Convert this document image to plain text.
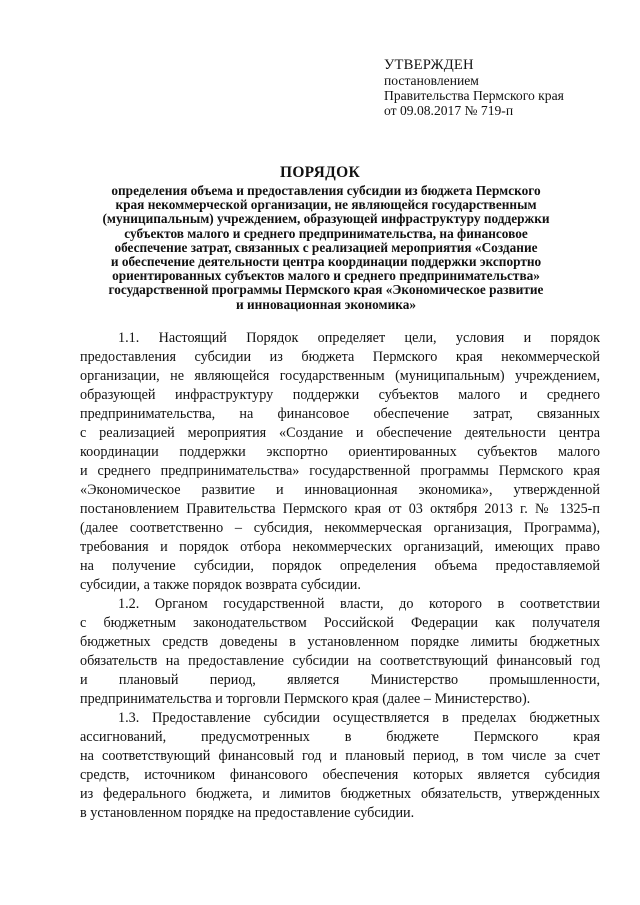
УТВЕРЖДЕН
постановлением
Правительства Пермского края
от 09.08.2017 № 719-п
ПОРЯДОК
определения объема и предоставления субсидии из бюджета Пермского
края некоммерческой организации, не являющейся государственным
(муниципальным) учреждением, образующей инфраструктуру поддержки
субъектов малого и среднего предпринимательства, на финансовое
обеспечение затрат, связанных с реализацией мероприятия «Создание
и обеспечение деятельности центра координации поддержки экспортно
ориентированных субъектов малого и среднего предпринимательства»
государственной программы Пермского края «Экономическое развитие
и инновационная экономика»
1.1. Настоящий Порядок определяет цели, условия и порядок
предоставления субсидии из бюджета Пермского края некоммерческой
организации, не являющейся государственным (муниципальным) учреждением,
образующей инфраструктуру поддержки субъектов малого и среднего
предпринимательства, на финансовое обеспечение затрат, связанных
с реализацией мероприятия «Создание и обеспечение деятельности центра
координации поддержки экспортно ориентированных субъектов малого
и среднего предпринимательства» государственной программы Пермского края
«Экономическое развитие и инновационная экономика», утвержденной
постановлением Правительства Пермского края от 03 октября 2013 г. № 1325-п
(далее соответственно – субсидия, некоммерческая организация, Программа),
требования и порядок отбора некоммерческих организаций, имеющих право
на получение субсидии, порядок определения объема предоставляемой
субсидии, а также порядок возврата субсидии.
1.2. Органом государственной власти, до которого в соответствии
с бюджетным законодательством Российской Федерации как получателя
бюджетных средств доведены в установленном порядке лимиты бюджетных
обязательств на предоставление субсидии на соответствующий финансовый год
и плановый период, является Министерство промышленности,
предпринимательства и торговли Пермского края (далее – Министерство).
1.3. Предоставление субсидии осуществляется в пределах бюджетных
ассигнований, предусмотренных в бюджете Пермского края
на соответствующий финансовый год и плановый период, в том числе за счет
средств, источником финансового обеспечения которых является субсидия
из федерального бюджета, и лимитов бюджетных обязательств, утвержденных
в установленном порядке на предоставление субсидии.
